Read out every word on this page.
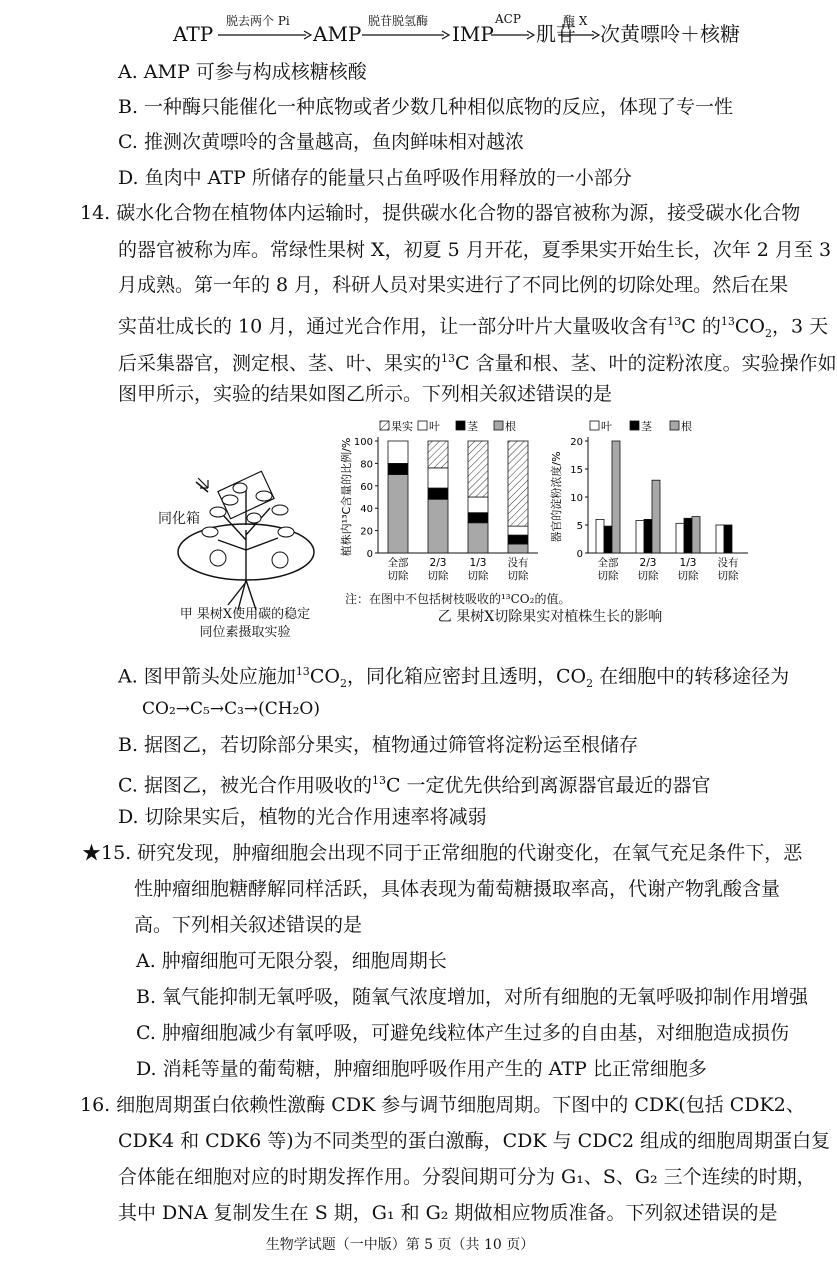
ATP
脱去两个 Pi
AMP
脱苷脱氢酶
IMP
ACP
肌苷
酶 X
次黄嘌呤＋核糖
A. AMP 可参与构成核糖核酸
B. 一种酶只能催化一种底物或者少数几种相似底物的反应，体现了专一性
C. 推测次黄嘌呤的含量越高，鱼肉鲜味相对越浓
D. 鱼肉中 ATP 所储存的能量只占鱼呼吸作用释放的一小部分
14. 碳水化合物在植物体内运输时，提供碳水化合物的器官被称为源，接受碳水化合物
的器官被称为库。常绿性果树 X，初夏 5 月开花，夏季果实开始生长，次年 2 月至 3
月成熟。第一年的 8 月，科研人员对果实进行了不同比例的切除处理。然后在果
实苗壮成长的 10 月，通过光合作用，让一部分叶片大量吸收含有$^{13}$C 的$^{13}CO_2$，3 天
后采集器官，测定根、茎、叶、果实的$^{13}$C 含量和根、茎、叶的淀粉浓度。实验操作如
图甲所示，实验的结果如图乙所示。下列相关叙述错误的是
同化箱
甲 果树X使用碳的稳定
同位素摄取实验
0
20
40
60
80
100
植株内¹³C含量的比例/%
果实 叶 茎 根
全部
切除
2/3
切除
1/3
切除
没有
切除
0
5
10
15
20
器官的淀粉浓度/%
叶	茎	根
全部
切除
2/3
切除
1/3
切除
没有
切除
注：在图中不包括树枝吸收的¹³CO₂的值。
乙 果树X切除果实对植株生长的影响
A. 图甲箭头处应施加$^{13}CO_2$，同化箱应密封且透明，$CO_2$ 在细胞中的转移途径为
CO₂→C₅→C₃→(CH₂O)
B. 据图乙，若切除部分果实，植物通过筛管将淀粉运至根储存
C. 据图乙，被光合作用吸收的$^{13}$C 一定优先供给到离源器官最近的器官
D. 切除果实后，植物的光合作用速率将减弱
★15. 研究发现，肿瘤细胞会出现不同于正常细胞的代谢变化，在氧气充足条件下，恶
性肿瘤细胞糖酵解同样活跃，具体表现为葡萄糖摄取率高，代谢产物乳酸含量
高。下列相关叙述错误的是
A. 肿瘤细胞可无限分裂，细胞周期长
B. 氧气能抑制无氧呼吸，随氧气浓度增加，对所有细胞的无氧呼吸抑制作用增强
C. 肿瘤细胞减少有氧呼吸，可避免线粒体产生过多的自由基，对细胞造成损伤
D. 消耗等量的葡萄糖，肿瘤细胞呼吸作用产生的 ATP 比正常细胞多
16. 细胞周期蛋白依赖性激酶 CDK 参与调节细胞周期。下图中的 CDK(包括 CDK2、
CDK4 和 CDK6 等)为不同类型的蛋白激酶，CDK 与 CDC2 组成的细胞周期蛋白复
合体能在细胞对应的时期发挥作用。分裂间期可分为 G₁、S、G₂ 三个连续的时期，
其中 DNA 复制发生在 S 期，G₁ 和 G₂ 期做相应物质准备。下列叙述错误的是
生物学试题（一中版）第 5 页（共 10 页）
